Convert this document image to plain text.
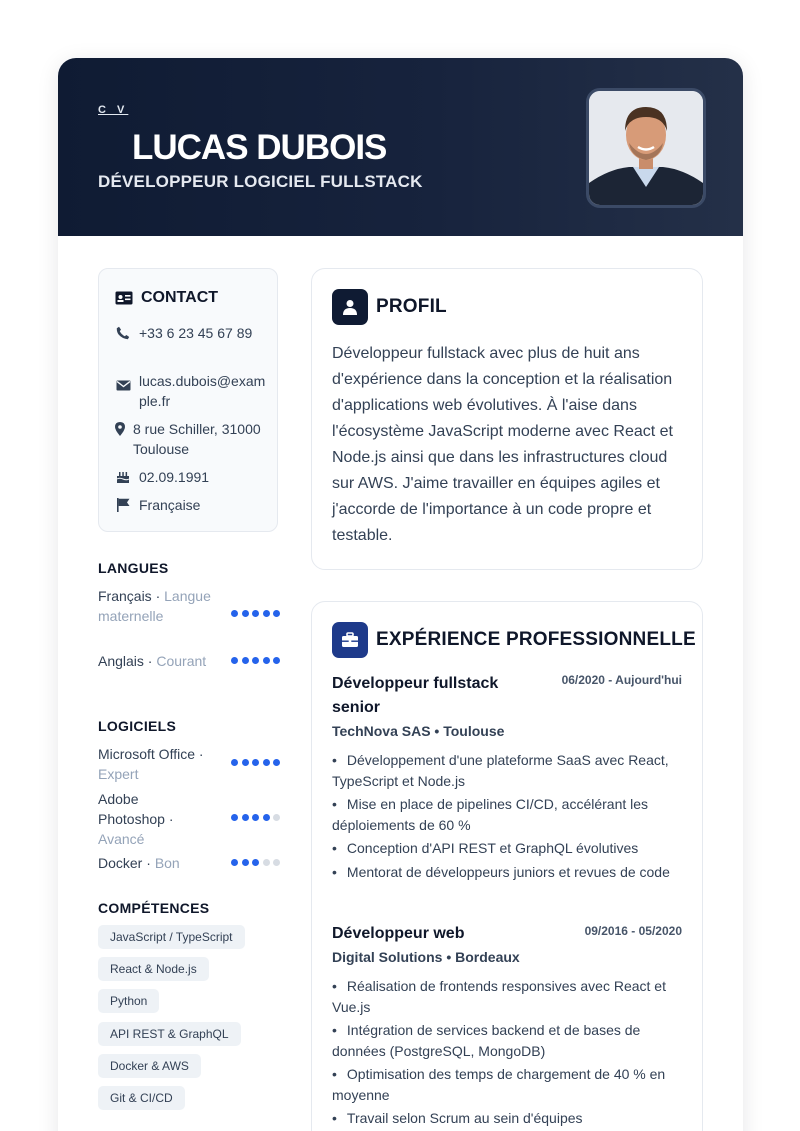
C V
LUCAS DUBOIS
DÉVELOPPEUR LOGICIEL FULLSTACK
CONTACT
+33 6 23 45 67 89
lucas.dubois@example.fr
8 rue Schiller, 31000 Toulouse
02.09.1991
Française
LANGUES
Français · Langue maternelle
Anglais · Courant
LOGICIELS
Microsoft Office · Expert
Adobe Photoshop · Avancé
Docker · Bon
COMPÉTENCES
JavaScript / TypeScript
React & Node.js
Python
API REST & GraphQL
Docker & AWS
Git & CI/CD
PROFIL
Développeur fullstack avec plus de huit ans d'expérience dans la conception et la réalisation d'applications web évolutives. À l'aise dans l'écosystème JavaScript moderne avec React et Node.js ainsi que dans les infrastructures cloud sur AWS. J'aime travailler en équipes agiles et j'accorde de l'importance à un code propre et testable.
EXPÉRIENCE PROFESSIONNELLE
Développeur fullstack senior
06/2020 - Aujourd'hui
TechNova SAS • Toulouse
• Développement d'une plateforme SaaS avec React, TypeScript et Node.js
• Mise en place de pipelines CI/CD, accélérant les déploiements de 60 %
• Conception d'API REST et GraphQL évolutives
• Mentorat de développeurs juniors et revues de code
Développeur web	09/2016 - 05/2020
Digital Solutions • Bordeaux
• Réalisation de frontends responsives avec React et Vue.js
• Intégration de services backend et de bases de données (PostgreSQL, MongoDB)
• Optimisation des temps de chargement de 40 % en moyenne
• Travail selon Scrum au sein d'équipes
